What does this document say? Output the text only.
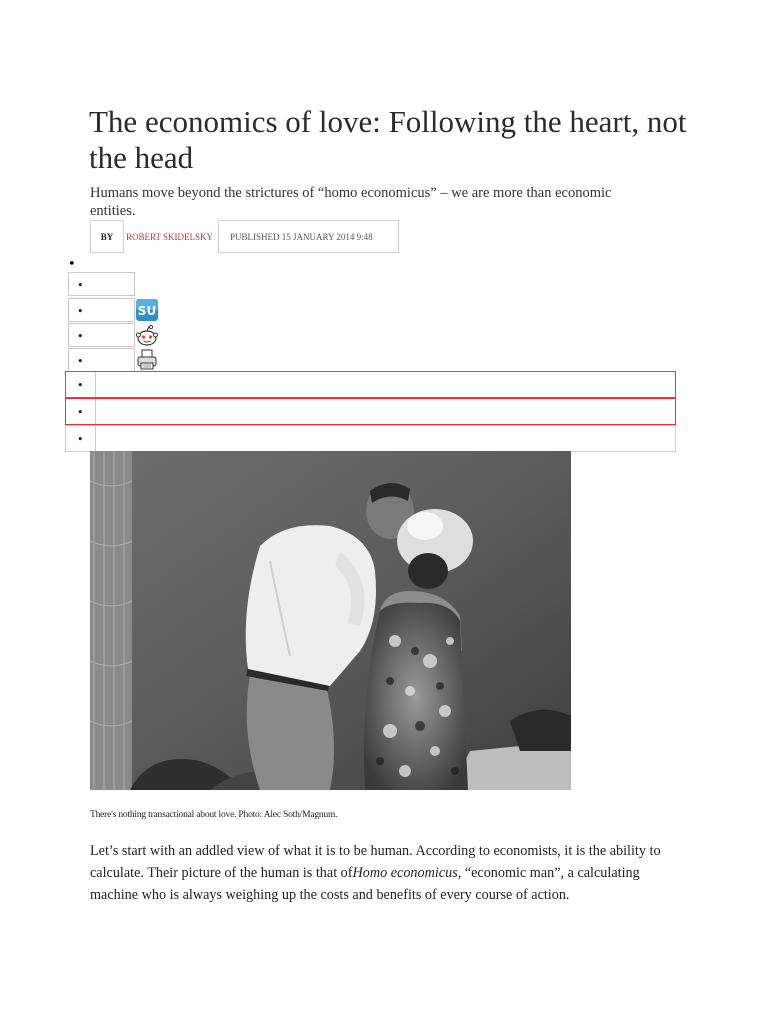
The economics of love: Following the heart, not the head

Humans move beyond the strictures of “homo economicus” – we are more than economic entities.

BY	ROBERT SKIDELSKY	PUBLISHED 15 JANUARY 2014 9:48
•
•
•	SU
•
•
•
•
•

There's nothing transactional about love. Photo: Alec Soth/Magnum.

Let’s start with an addled view of what it is to be human. According to economists, it is the ability to calculate. Their picture of the human is that ofHomo economicus, “economic man”, a calculating machine who is always weighing up the costs and benefits of every course of action.
